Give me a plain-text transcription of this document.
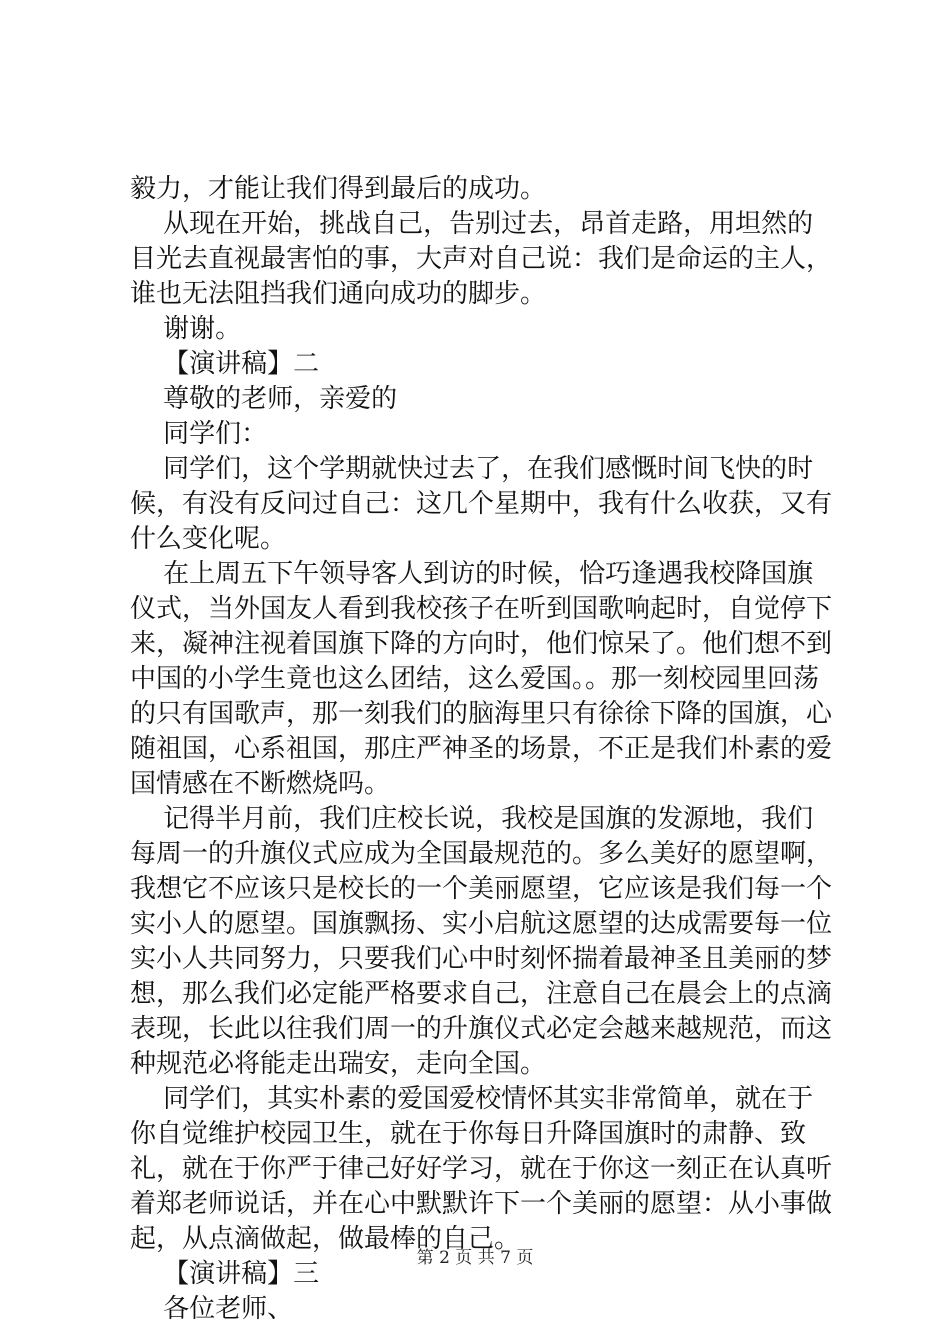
毅力，才能让我们得到最后的成功。

从现在开始，挑战自己，告别过去，昂首走路，用坦然的目光去直视最害怕的事，大声对自己说：我们是命运的主人，谁也无法阻挡我们通向成功的脚步。

谢谢。

【演讲稿】二

尊敬的老师，亲爱的

同学们：

同学们，这个学期就快过去了，在我们感慨时间飞快的时候，有没有反问过自己：这几个星期中，我有什么收获，又有什么变化呢。

在上周五下午领导客人到访的时候，恰巧逢遇我校降国旗仪式，当外国友人看到我校孩子在听到国歌响起时，自觉停下来，凝神注视着国旗下降的方向时，他们惊呆了。他们想不到中国的小学生竟也这么团结，这么爱国。。那一刻校园里回荡的只有国歌声，那一刻我们的脑海里只有徐徐下降的国旗，心随祖国，心系祖国，那庄严神圣的场景，不正是我们朴素的爱国情感在不断燃烧吗。

记得半月前，我们庄校长说，我校是国旗的发源地，我们每周一的升旗仪式应成为全国最规范的。多么美好的愿望啊，我想它不应该只是校长的一个美丽愿望，它应该是我们每一个实小人的愿望。国旗飘扬、实小启航这愿望的达成需要每一位实小人共同努力，只要我们心中时刻怀揣着最神圣且美丽的梦想，那么我们必定能严格要求自己，注意自己在晨会上的点滴表现，长此以往我们周一的升旗仪式必定会越来越规范，而这种规范必将能走出瑞安，走向全国。

同学们，其实朴素的爱国爱校情怀其实非常简单，就在于你自觉维护校园卫生，就在于你每日升降国旗时的肃静、致礼，就在于你严于律己好好学习，就在于你这一刻正在认真听着郑老师说话，并在心中默默许下一个美丽的愿望：从小事做起，从点滴做起，做最棒的自己。

【演讲稿】三

各位老师、

第 2 页 共 7 页
